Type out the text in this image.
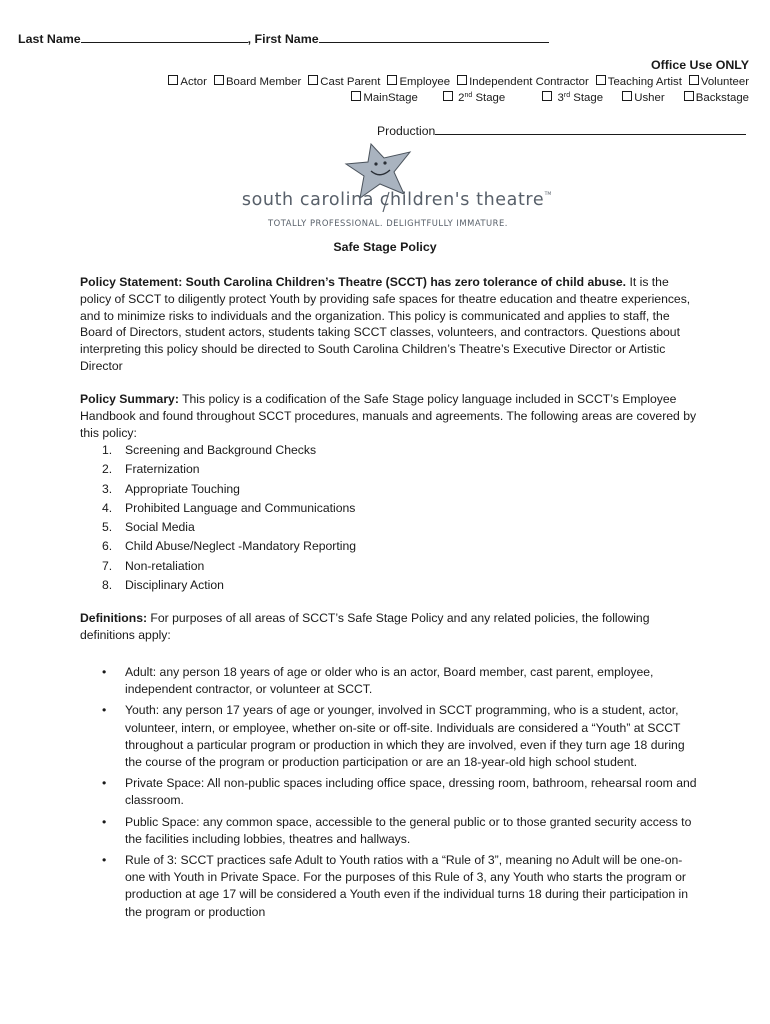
Last Name	, First Name
Office Use ONLY
Actor Board Member Cast Parent Employee Independent Contractor Teaching Artist Volunteer
MainStage	2nd Stage	3rd Stage	Usher	Backstage
Production
south carolina children's theatre TM
TOTALLY PROFESSIONAL. DELIGHTFULLY IMMATURE.
Safe Stage Policy
Policy Statement: South Carolina Children’s Theatre (SCCT) has zero tolerance of child abuse. It is the policy of SCCT to diligently protect Youth by providing safe spaces for theatre education and theatre experiences, and to minimize risks to individuals and the organization. This policy is communicated and applies to staff, the Board of Directors, student actors, students taking SCCT classes, volunteers, and contractors. Questions about interpreting this policy should be directed to South Carolina Children’s Theatre’s Executive Director or Artistic Director
Policy Summary: This policy is a codification of the Safe Stage policy language included in SCCT’s Employee Handbook and found throughout SCCT procedures, manuals and agreements. The following areas are covered by this policy:
1. Screening and Background Checks
2. Fraternization
3. Appropriate Touching
4. Prohibited Language and Communications
5. Social Media
6. Child Abuse/Neglect -Mandatory Reporting
7. Non-retaliation
8. Disciplinary Action
Definitions: For purposes of all areas of SCCT’s Safe Stage Policy and any related policies, the following definitions apply:
• Adult: any person 18 years of age or older who is an actor, Board member, cast parent, employee, independent contractor, or volunteer at SCCT.
• Youth: any person 17 years of age or younger, involved in SCCT programming, who is a student, actor, volunteer, intern, or employee, whether on-site or off-site. Individuals are considered a “Youth” at SCCT throughout a particular program or production in which they are involved, even if they turn age 18 during the course of the program or production participation or are an 18-year-old high school student.
• Private Space: All non-public spaces including office space, dressing room, bathroom, rehearsal room and classroom.
• Public Space: any common space, accessible to the general public or to those granted security access to the facilities including lobbies, theatres and hallways.
• Rule of 3: SCCT practices safe Adult to Youth ratios with a “Rule of 3”, meaning no Adult will be one-on-one with Youth in Private Space. For the purposes of this Rule of 3, any Youth who starts the program or production at age 17 will be considered a Youth even if the individual turns 18 during their participation in the program or production
